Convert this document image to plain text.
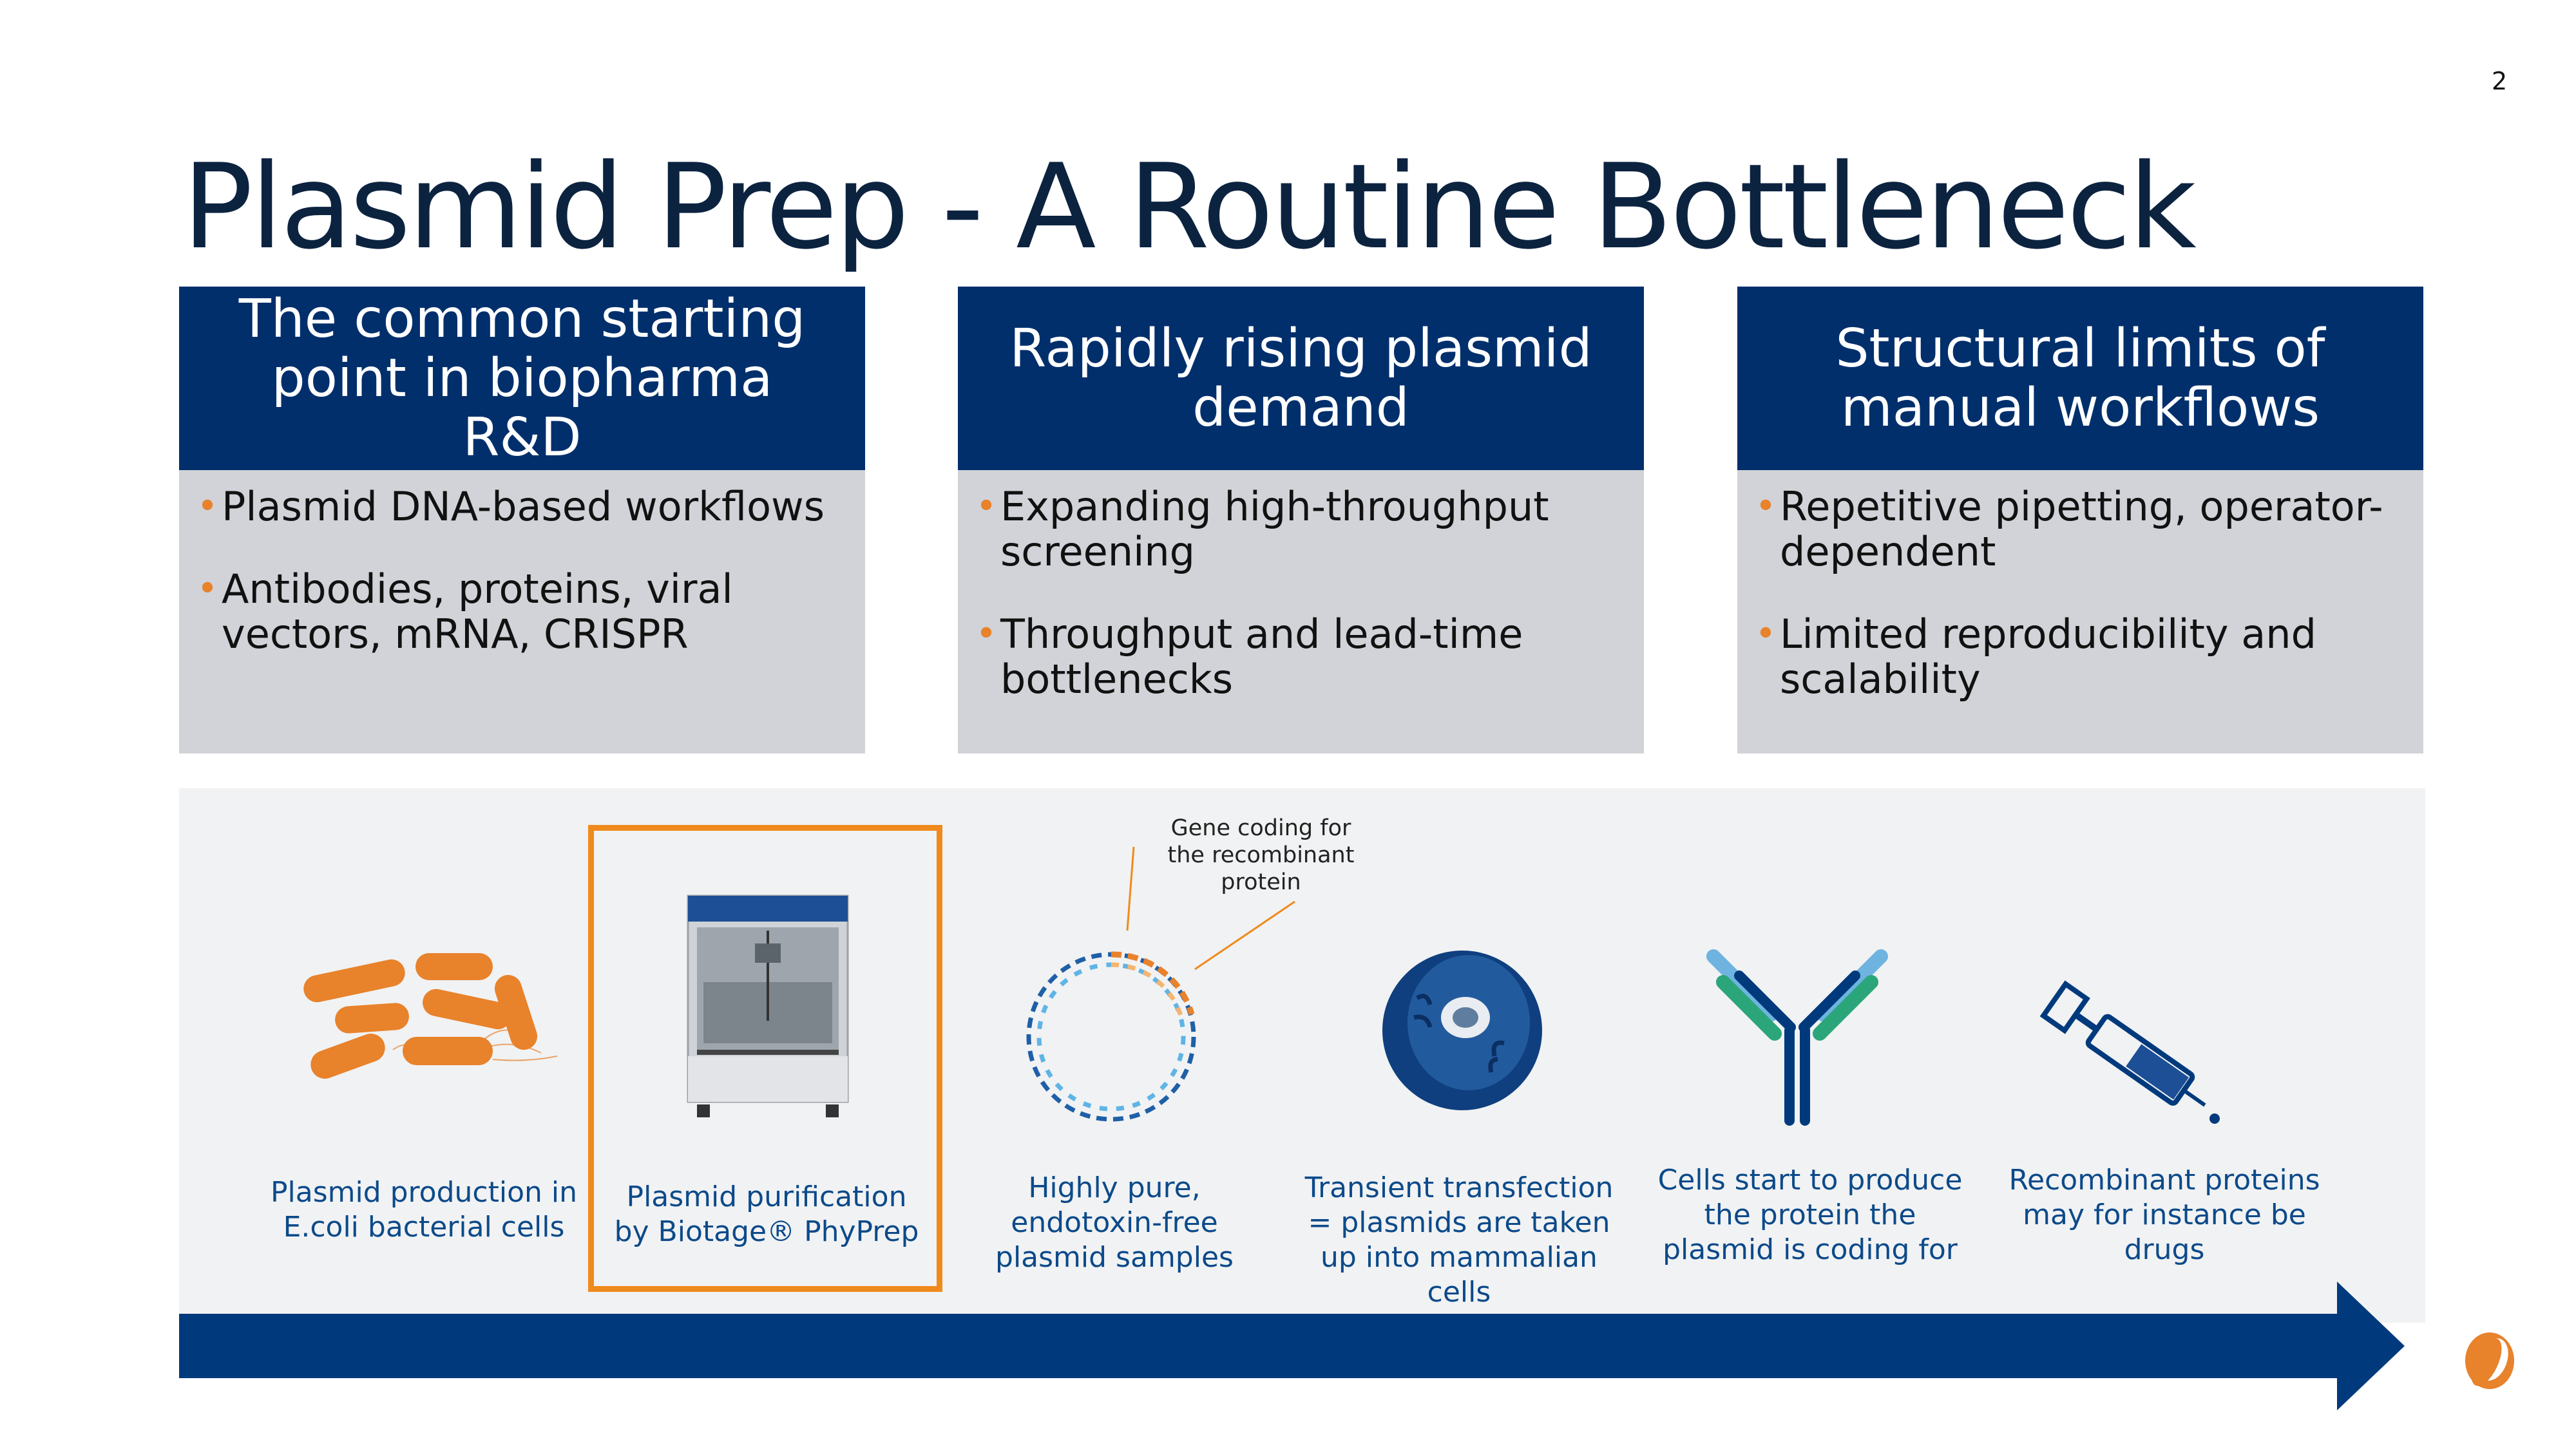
2
Plasmid Prep - A Routine Bottleneck
The common starting point in biopharma R&D
• Plasmid DNA-based workflows
• Antibodies, proteins, viral vectors, mRNA, CRISPR
Rapidly rising plasmid demand
• Expanding high-throughput screening
• Throughput and lead-time bottlenecks
Structural limits of manual workflows
• Repetitive pipetting, operator-dependent
• Limited reproducibility and scalability
Gene coding for the recombinant protein
Plasmid production in E.coli bacterial cells
Plasmid purification by Biotage® PhyPrep
Highly pure, endotoxin-free plasmid samples
Transient transfection = plasmids are taken up into mammalian cells
Cells start to produce the protein the plasmid is coding for
Recombinant proteins may for instance be drugs
